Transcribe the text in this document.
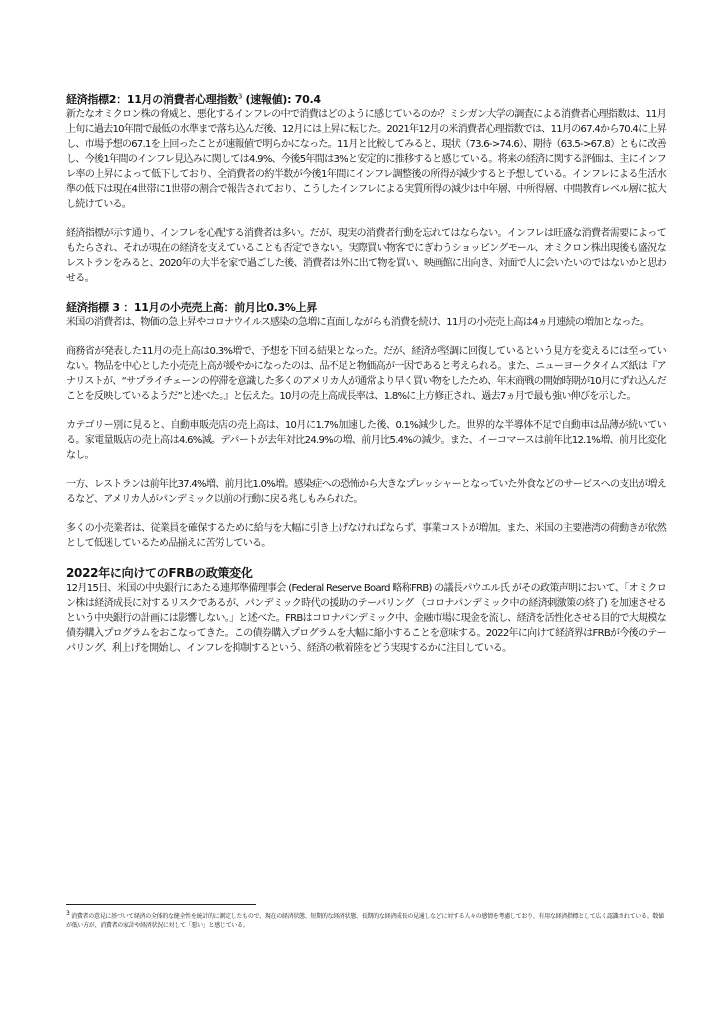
経済指標2：11月の消費者心理指数$^3$ (速報値): 70.4

新たなオミクロン株の脅威と、悪化するインフレの中で消費はどのように感じているのか？ミシガン大学の調査による消費者心理指数は、11月上旬に過去10年間で最低の水準まで落ち込んだ後、12月には上昇に転じた。2021年12月の米消費者心理指数では、11月の67.4から70.4に上昇し、市場予想の67.1を上回ったことが速報値で明らかになった。11月と比較してみると、現状（73.6->74.6）、期待（63.5->67.8）ともに改善し、今後1年間のインフレ見込みに関しては4.9%、今後5年間は3%と安定的に推移すると感じている。将来の経済に関する評価は、主にインフレ率の上昇によって低下しており、全消費者の約半数が今後1年間にインフレ調整後の所得が減少すると予想している。インフレによる生活水準の低下は現在4世帯に1世帯の割合で報告されており、こうしたインフレによる実質所得の減少は中年層、中所得層、中間教育レベル層に拡大し続けている。

経済指標が示す通り、インフレを心配する消費者は多い。だが、現実の消費者行動を忘れてはならない。インフレは旺盛な消費者需要によってもたらされ、それが現在の経済を支えていることも否定できない。実際買い物客でにぎわうショッピングモール、オミクロン株出現後も盛況なレストランをみると、2020年の大半を家で過ごした後、消費者は外に出て物を買い、映画館に出向き、対面で人に会いたいのではないかと思わせる。

経済指標 3 ：11月の小売売上高：前月比0.3%上昇

米国の消費者は、物価の急上昇やコロナウイルス感染の急増に直面しながらも消費を続け、11月の小売売上高は4ヵ月連続の増加となった。

商務省が発表した11月の売上高は0.3%増で、予想を下回る結果となった。だが、経済が堅調に回復しているという見方を変えるには至っていない。物品を中心とした小売売上高が緩やかになったのは、品不足と物価高が一因であると考えられる。また、ニューヨークタイムズ紙は『アナリストが、“サプライチェーンの停滞を意識した多くのアメリカ人が通常より早く買い物をしたため、年末商戦の開始時期が10月にずれ込んだことを反映しているようだ”と述べた。』と伝えた。10月の売上高成長率は、1.8%に上方修正され、過去7ヵ月で最も強い伸びを示した。

カテゴリー別に見ると、自動車販売店の売上高は、10月に1.7%加速した後、0.1%減少した。世界的な半導体不足で自動車は品薄が続いている。家電量販店の売上高は4.6%減。デパートが去年対比24.9%の増、前月比5.4%の減少。また、イーコマースは前年比12.1%増、前月比変化なし。

一方、レストランは前年比37.4%増、前月比1.0%増。感染症への恐怖から大きなプレッシャーとなっていた外食などのサービスへの支出が増えるなど、アメリカ人がパンデミック以前の行動に戻る兆しもみられた。

多くの小売業者は、従業員を確保するために給与を大幅に引き上げなければならず、事業コストが増加。また、米国の主要港湾の荷動きが依然として低迷しているため品揃えに苦労している。

2022年に向けてのFRBの政策変化

12月15日、米国の中央銀行にあたる連邦準備理事会 (Federal Reserve Board 略称FRB) の議長パウエル氏 がその政策声明において、「オミクロン株は経済成長に対するリスクであるが、パンデミック時代の援助のテーパリング （コロナパンデミック中の経済刺激策の終了) を加速させるという中央銀行の計画には影響しない。」と述べた。FRBはコロナパンデミック中、金融市場に現金を流し、経済を活性化させる目的で大規模な債券購入プログラムをおこなってきた。この債券購入プログラムを大幅に縮小することを意味する。2022年に向けて経済界はFRBが今後のテーパリング、利上げを開始し、インフレを抑制するという、経済の軟着陸をどう実現するかに注目している。

$^3$ 消費者の意見に基づいて経済の全体的な健全性を統計的に測定したもので、現在の経済状態、短期的な経済状態、長期的な経済成長の見通しなどに対する人々の感情を考慮しており、有用な経済指標として広く認識されている。数値が低い方が、消費者の家計や経済状況に対して「悪い」と感じている。
